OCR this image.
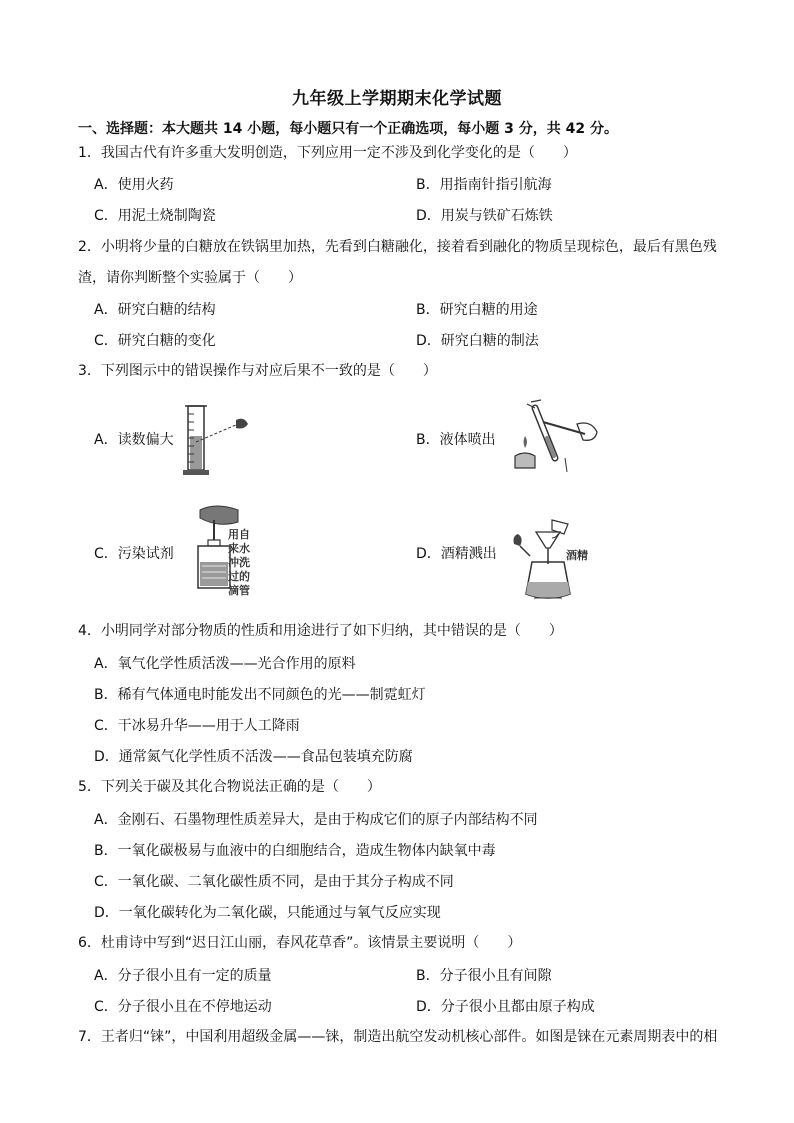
九年级上学期期末化学试题
一、选择题：本大题共 14 小题，每小题只有一个正确选项，每小题 3 分，共 42 分。
1．我国古代有许多重大发明创造，下列应用一定不涉及到化学变化的是（　　）
A．使用火药	B．用指南针指引航海
C．用泥土烧制陶瓷	D．用炭与铁矿石炼铁
2．小明将少量的白糖放在铁锅里加热，先看到白糖融化，接着看到融化的物质呈现棕色，最后有黑色残
渣，请你判断整个实验属于（　　）
A．研究白糖的结构	B．研究白糖的用途
C．研究白糖的变化	D．研究白糖的制法
3．下列图示中的错误操作与对应后果不一致的是（　　）
A．读数偏大	B．液体喷出
C．污染试剂
用自
来水
冲洗
过的
滴管
D．酒精溅出	酒精
4．小明同学对部分物质的性质和用途进行了如下归纳，其中错误的是（　　）
A．氧气化学性质活泼——光合作用的原料
B．稀有气体通电时能发出不同颜色的光——制霓虹灯
C．干冰易升华——用于人工降雨
D．通常氮气化学性质不活泼——食品包装填充防腐
5．下列关于碳及其化合物说法正确的是（　　）
A．金刚石、石墨物理性质差异大，是由于构成它们的原子内部结构不同
B．一氧化碳极易与血液中的白细胞结合，造成生物体内缺氧中毒
C．一氧化碳、二氧化碳性质不同，是由于其分子构成不同
D．一氧化碳转化为二氧化碳，只能通过与氧气反应实现
6．杜甫诗中写到“迟日江山丽，春风花草香”。该情景主要说明（　　）
A．分子很小且有一定的质量	B．分子很小且有间隙
C．分子很小且在不停地运动	D．分子很小且都由原子构成
7．王者归“铼”，中国利用超级金属——铼，制造出航空发动机核心部件。如图是铼在元素周期表中的相
